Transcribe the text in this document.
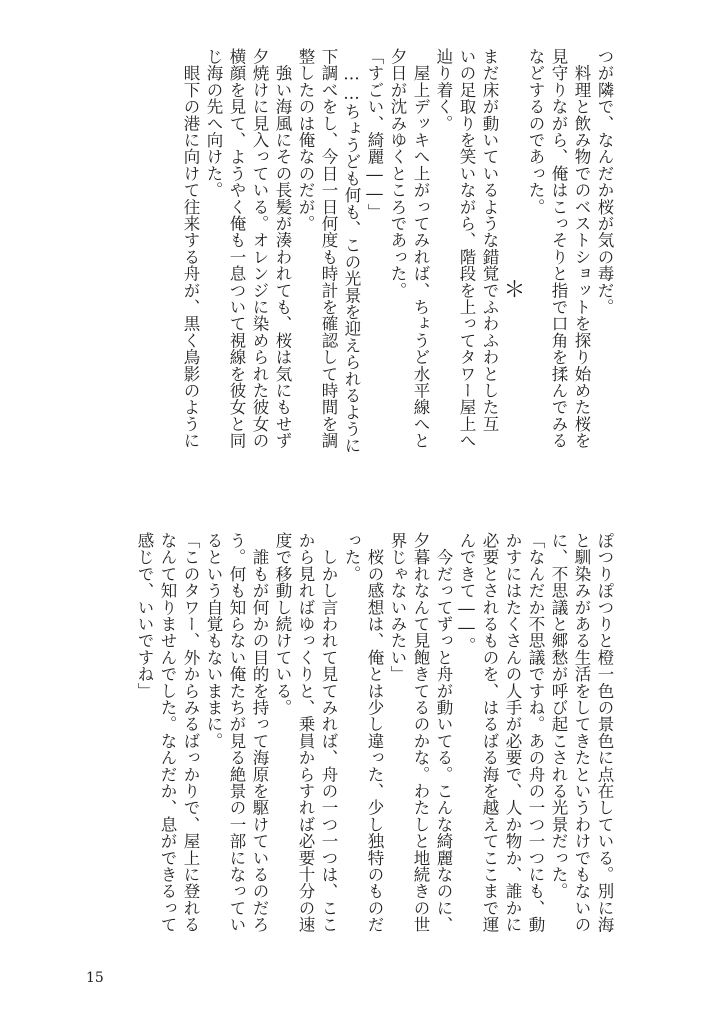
つが隣で、なんだか桜が気の毒だ。

　料理と飲み物でのベストショットを探り始めた桜を

見守りながら、俺はこっそりと指で口角を揉んでみる

などするのであった。

＊

まだ床が動いているような錯覚でふわふわとした互

いの足取りを笑いながら、階段を上ってタワー屋上へ

辿り着く。

　屋上デッキへ上がってみれば、ちょうど水平線へと

夕日が沈みゆくところであった。

「すごい、綺麗――」

　……ちょうども何も、この光景を迎えられるように

下調べをし、今日一日何度も時計を確認して時間を調

整したのは俺なのだが。

　強い海風にその長髪が湊われても、桜は気にもせず

夕焼けに見入っている。オレンジに染められた彼女の

横顔を見て、ようやく俺も一息ついて視線を彼女と同

じ海の先へ向けた。

　眼下の港に向けて往来する舟が、黒く鳥影のように

ぽつりぽつりと橙一色の景色に点在している。別に海

と馴染みがある生活をしてきたというわけでもないの

に、不思議と郷愁が呼び起こされる光景だった。

「なんだか不思議ですね。あの舟の一つ一つにも、動

かすにはたくさんの人手が必要で、人か物か、誰かに

必要とされるものを、はるばる海を越えてここまで運

んできて――。

　今だってずっと舟が動いてる。こんな綺麗なのに、

夕暮れなんて見飽きてるのかな。わたしと地続きの世

界じゃないみたい」

　桜の感想は、俺とは少し違った、少し独特のものだ

った。

　しかし言われて見てみれば、舟の一つ一つは、ここ

から見ればゆっくりと、乗員からすれば必要十分の速

度で移動し続けている。

　誰もが何かの目的を持って海原を駆けているのだろ

う。何も知らない俺たちが見る絶景の一部になってい

るという自覚もないままに。

「このタワー、外からみるばっかりで、屋上に登れる

なんて知りませんでした。なんだか、息ができるって

感じで、いいですね」

15
